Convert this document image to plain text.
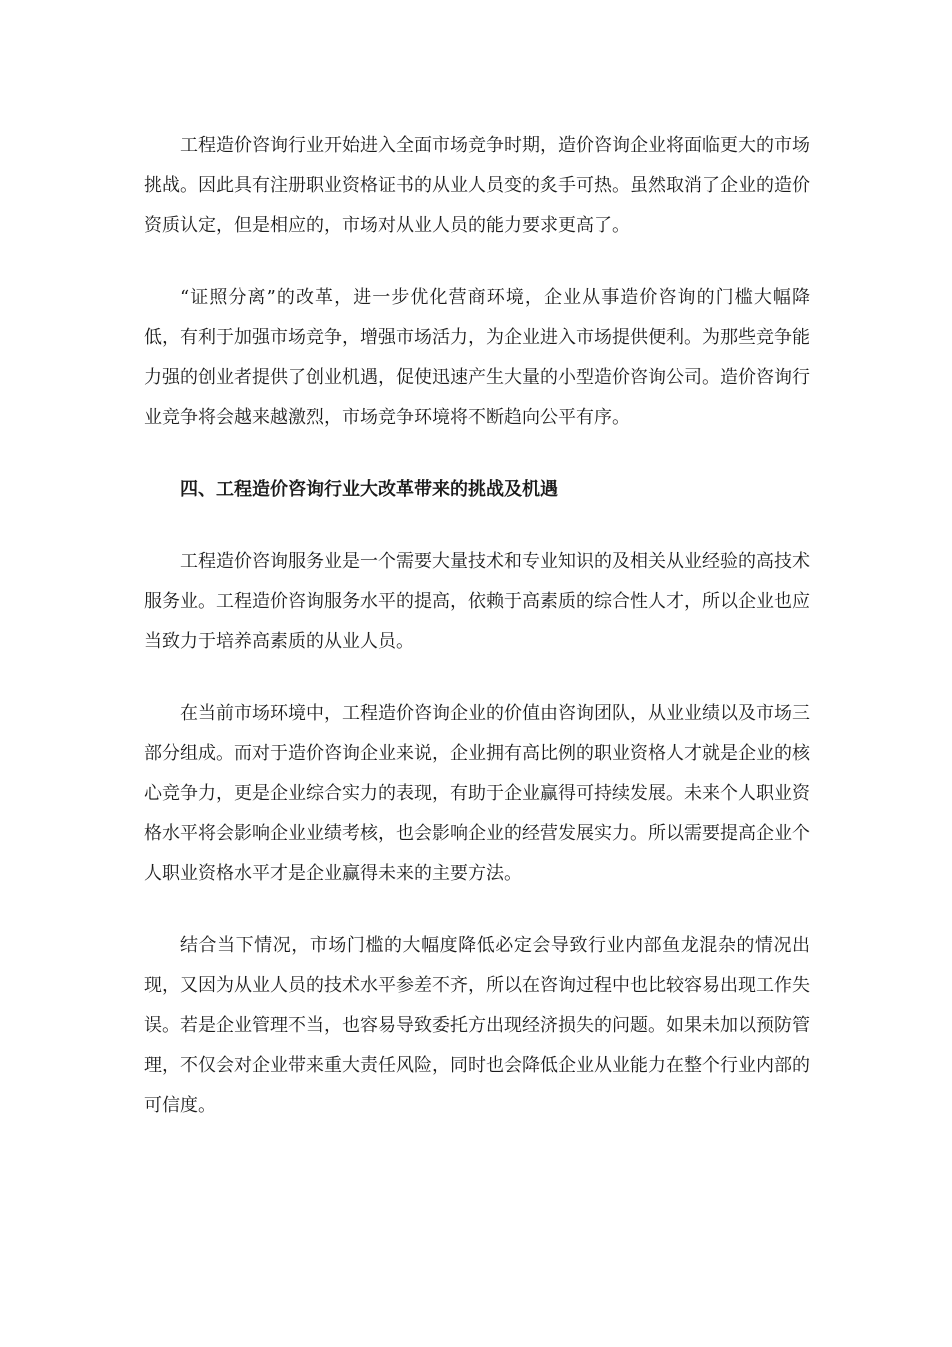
工程造价咨询行业开始进入全面市场竞争时期，造价咨询企业将面临更大的市场挑战。因此具有注册职业资格证书的从业人员变的炙手可热。虽然取消了企业的造价资质认定，但是相应的，市场对从业人员的能力要求更高了。

“证照分离”的改革，进一步优化营商环境，企业从事造价咨询的门槛大幅降低，有利于加强市场竞争，增强市场活力，为企业进入市场提供便利。为那些竞争能力强的创业者提供了创业机遇，促使迅速产生大量的小型造价咨询公司。造价咨询行业竞争将会越来越激烈，市场竞争环境将不断趋向公平有序。

四、工程造价咨询行业大改革带来的挑战及机遇

工程造价咨询服务业是一个需要大量技术和专业知识的及相关从业经验的高技术服务业。工程造价咨询服务水平的提高，依赖于高素质的综合性人才，所以企业也应当致力于培养高素质的从业人员。

在当前市场环境中，工程造价咨询企业的价值由咨询团队，从业业绩以及市场三部分组成。而对于造价咨询企业来说，企业拥有高比例的职业资格人才就是企业的核心竞争力，更是企业综合实力的表现，有助于企业赢得可持续发展。未来个人职业资格水平将会影响企业业绩考核，也会影响企业的经营发展实力。所以需要提高企业个人职业资格水平才是企业赢得未来的主要方法。

结合当下情况，市场门槛的大幅度降低必定会导致行业内部鱼龙混杂的情况出现，又因为从业人员的技术水平参差不齐，所以在咨询过程中也比较容易出现工作失误。若是企业管理不当，也容易导致委托方出现经济损失的问题。如果未加以预防管理，不仅会对企业带来重大责任风险，同时也会降低企业从业能力在整个行业内部的可信度。
